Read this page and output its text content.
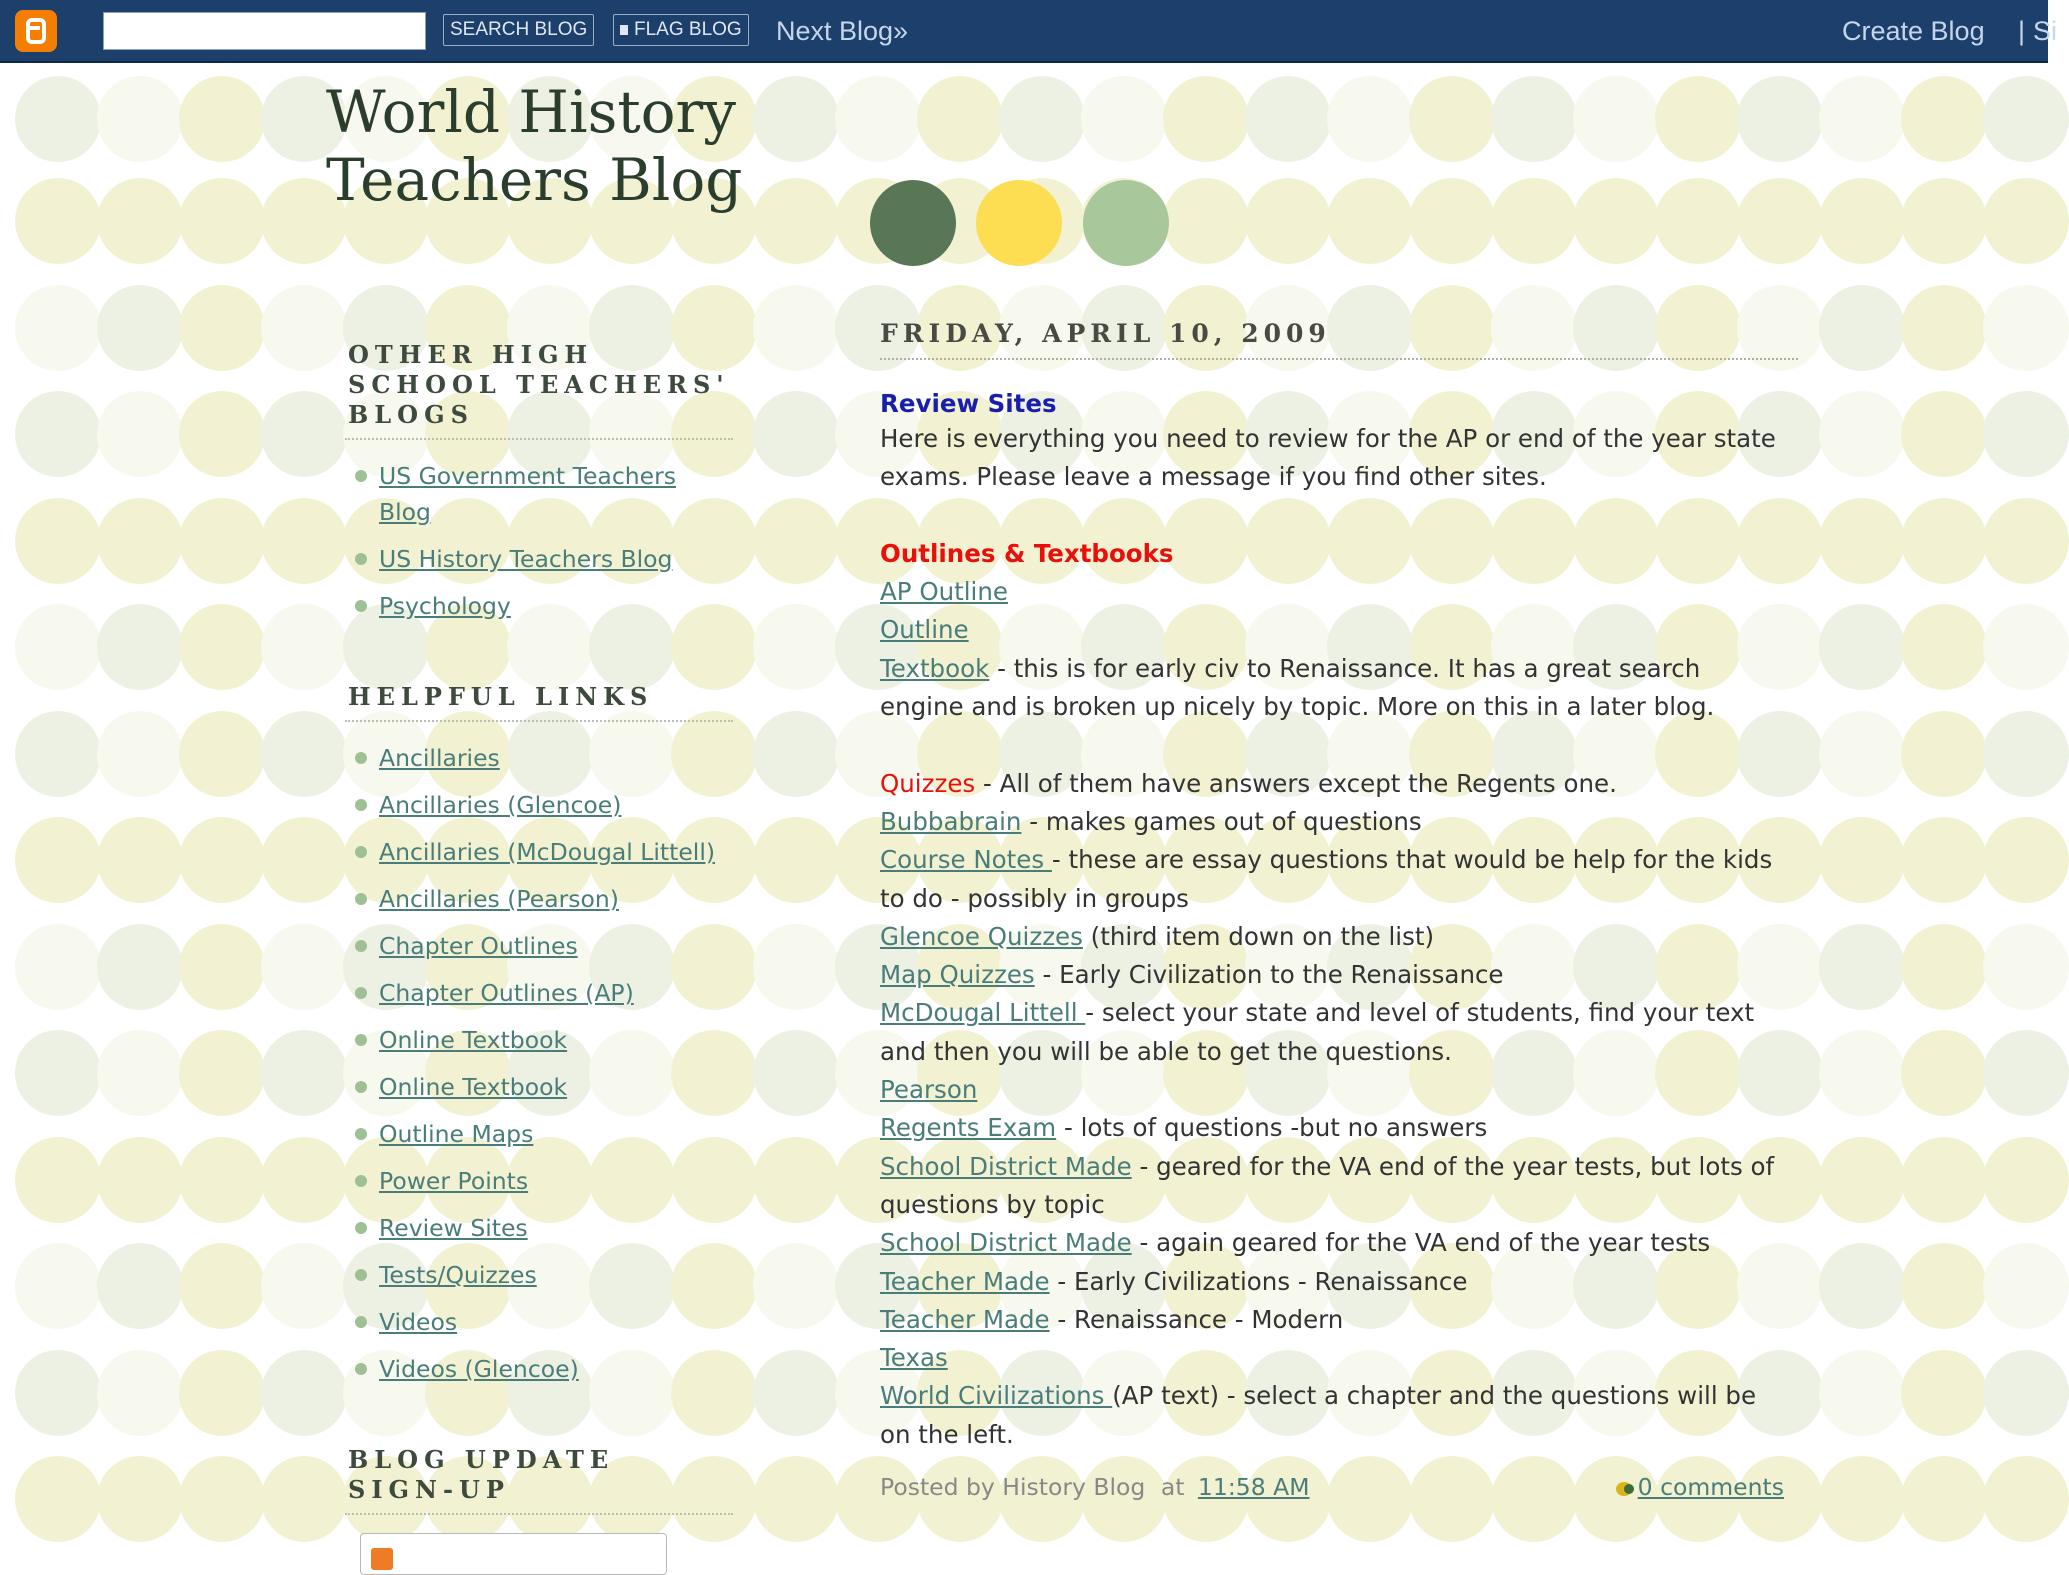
SEARCH BLOG	FLAG BLOG Next Blog»	Create Blog | Si
World History
Teachers Blog
OTHER HIGH
SCHOOL TEACHERS'
BLOGS
US Government Teachers
Blog
US History Teachers Blog
Psychology
HELPFUL LINKS
Ancillaries
Ancillaries (Glencoe)
Ancillaries (McDougal Littell)
Ancillaries (Pearson)
Chapter Outlines
Chapter Outlines (AP)
Online Textbook
Online Textbook
Outline Maps
Power Points
Review Sites
Tests/Quizzes
Videos
Videos (Glencoe)
BLOG UPDATE SIGN-UP
FRIDAY, APRIL 10, 2009
Review Sites
Here is everything you need to review for the AP or end of the year state
exams. Please leave a message if you find other sites.
Outlines & Textbooks
AP Outline
Outline
Textbook - this is for early civ to Renaissance. It has a great search
engine and is broken up nicely by topic. More on this in a later blog.
Quizzes - All of them have answers except the Regents one.
Bubbabrain - makes games out of questions
Course Notes - these are essay questions that would be help for the kids
to do - possibly in groups
Glencoe Quizzes (third item down on the list)
Map Quizzes - Early Civilization to the Renaissance
McDougal Littell - select your state and level of students, find your text
and then you will be able to get the questions.
Pearson
Regents Exam - lots of questions -but no answers
School District Made - geared for the VA end of the year tests, but lots of
questions by topic
School District Made - again geared for the VA end of the year tests
Teacher Made - Early Civilizations - Renaissance
Teacher Made - Renaissance - Modern
Texas
World Civilizations (AP text) - select a chapter and the questions will be
on the left.
Posted by History Blog at 11:58 AM	0 comments
